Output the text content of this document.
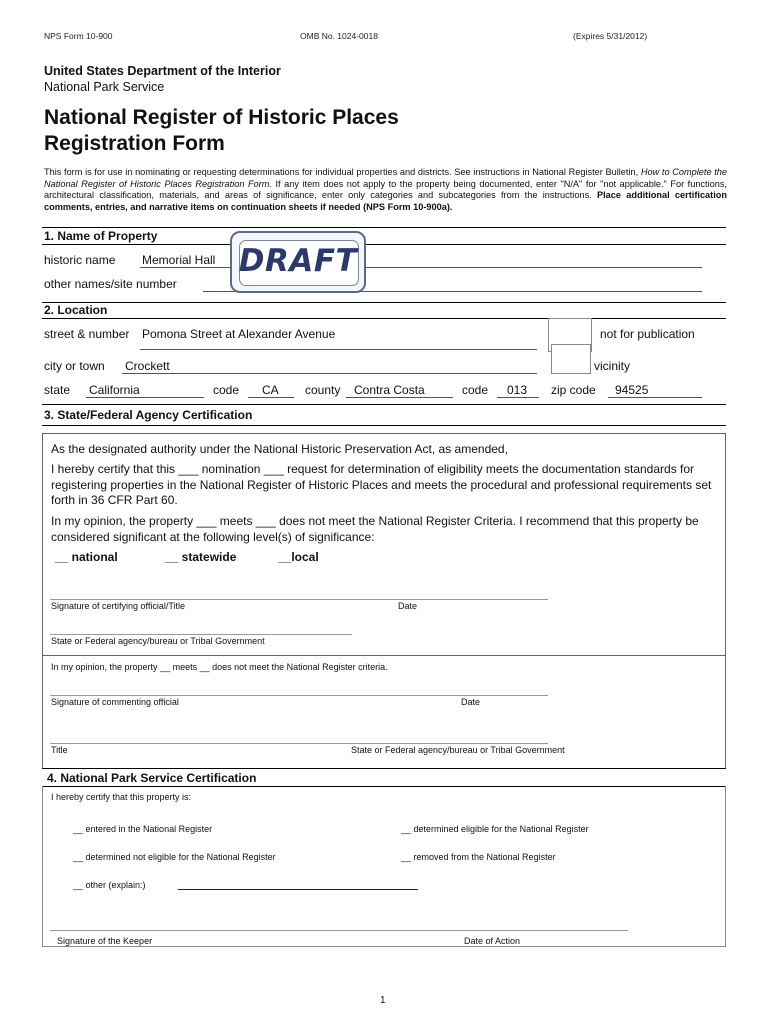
NPS Form 10-900	OMB No. 1024-0018	(Expires 5/31/2012)
United States Department of the Interior
National Park Service
National Register of Historic Places
Registration Form
This form is for use in nominating or requesting determinations for individual properties and districts. See instructions in National Register Bulletin, How to Complete the National Register of Historic Places Registration Form. If any item does not apply to the property being documented, enter "N/A" for "not applicable." For functions, architectural classification, materials, and areas of significance, enter only categories and subcategories from the instructions. Place additional certification comments, entries, and narrative items on continuation sheets if needed (NPS Form 10-900a).
1. Name of Property
historic name Memorial Hall
other names/site number
DRAFT
2. Location
street & number Pomona Street at Alexander Avenue	not for publication
city or town Crockett	vicinity
state California	code CA county Contra Costa	code 013 zip code 94525
3. State/Federal Agency Certification
As the designated authority under the National Historic Preservation Act, as amended,
I hereby certify that this ___ nomination ___ request for determination of eligibility meets the documentation standards for registering properties in the National Register of Historic Places and meets the procedural and professional requirements set forth in 36 CFR Part 60.
In my opinion, the property ___ meets ___ does not meet the National Register Criteria. I recommend that this property be considered significant at the following level(s) of significance:
__ national	__ statewide	__local
Signature of certifying official/Title	Date
State or Federal agency/bureau or Tribal Government
In my opinion, the property __ meets __ does not meet the National Register criteria.
Signature of commenting official	Date
Title	State or Federal agency/bureau or Tribal Government
4. National Park Service Certification
I hereby certify that this property is:
__ entered in the National Register	__ determined eligible for the National Register
__ determined not eligible for the National Register	__ removed from the National Register
__ other (explain:)
Signature of the Keeper	Date of Action
1
